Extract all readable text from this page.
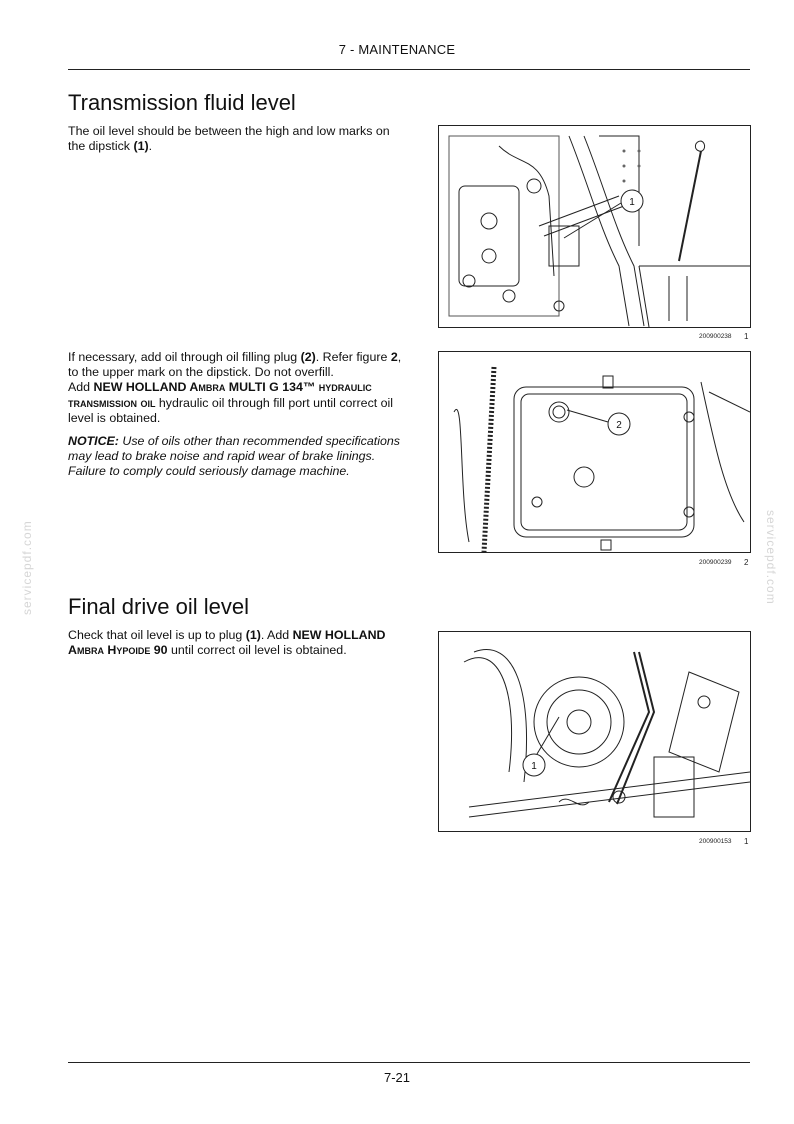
7 - MAINTENANCE
Transmission fluid level

The oil level should be between the high and low marks on the dipstick (1).

If necessary, add oil through oil filling plug (2). Refer figure 2, to the upper mark on the dipstick. Do not overfill.
Add NEW HOLLAND Ambra MULTI G 134™ hydraulic transmission oil hydraulic oil through fill port until correct oil level is obtained.

NOTICE: Use of oils other than recommended specifications may lead to brake noise and rapid wear of brake linings. Failure to comply could seriously damage machine.

Final drive oil level

Check that oil level is up to plug (1). Add NEW HOLLAND Ambra Hypoide 90 until correct oil level is obtained.

1
200900238 1
2
200900239 2
1
200900153 1
servicepdf.com	servicepdf.com
7-21
